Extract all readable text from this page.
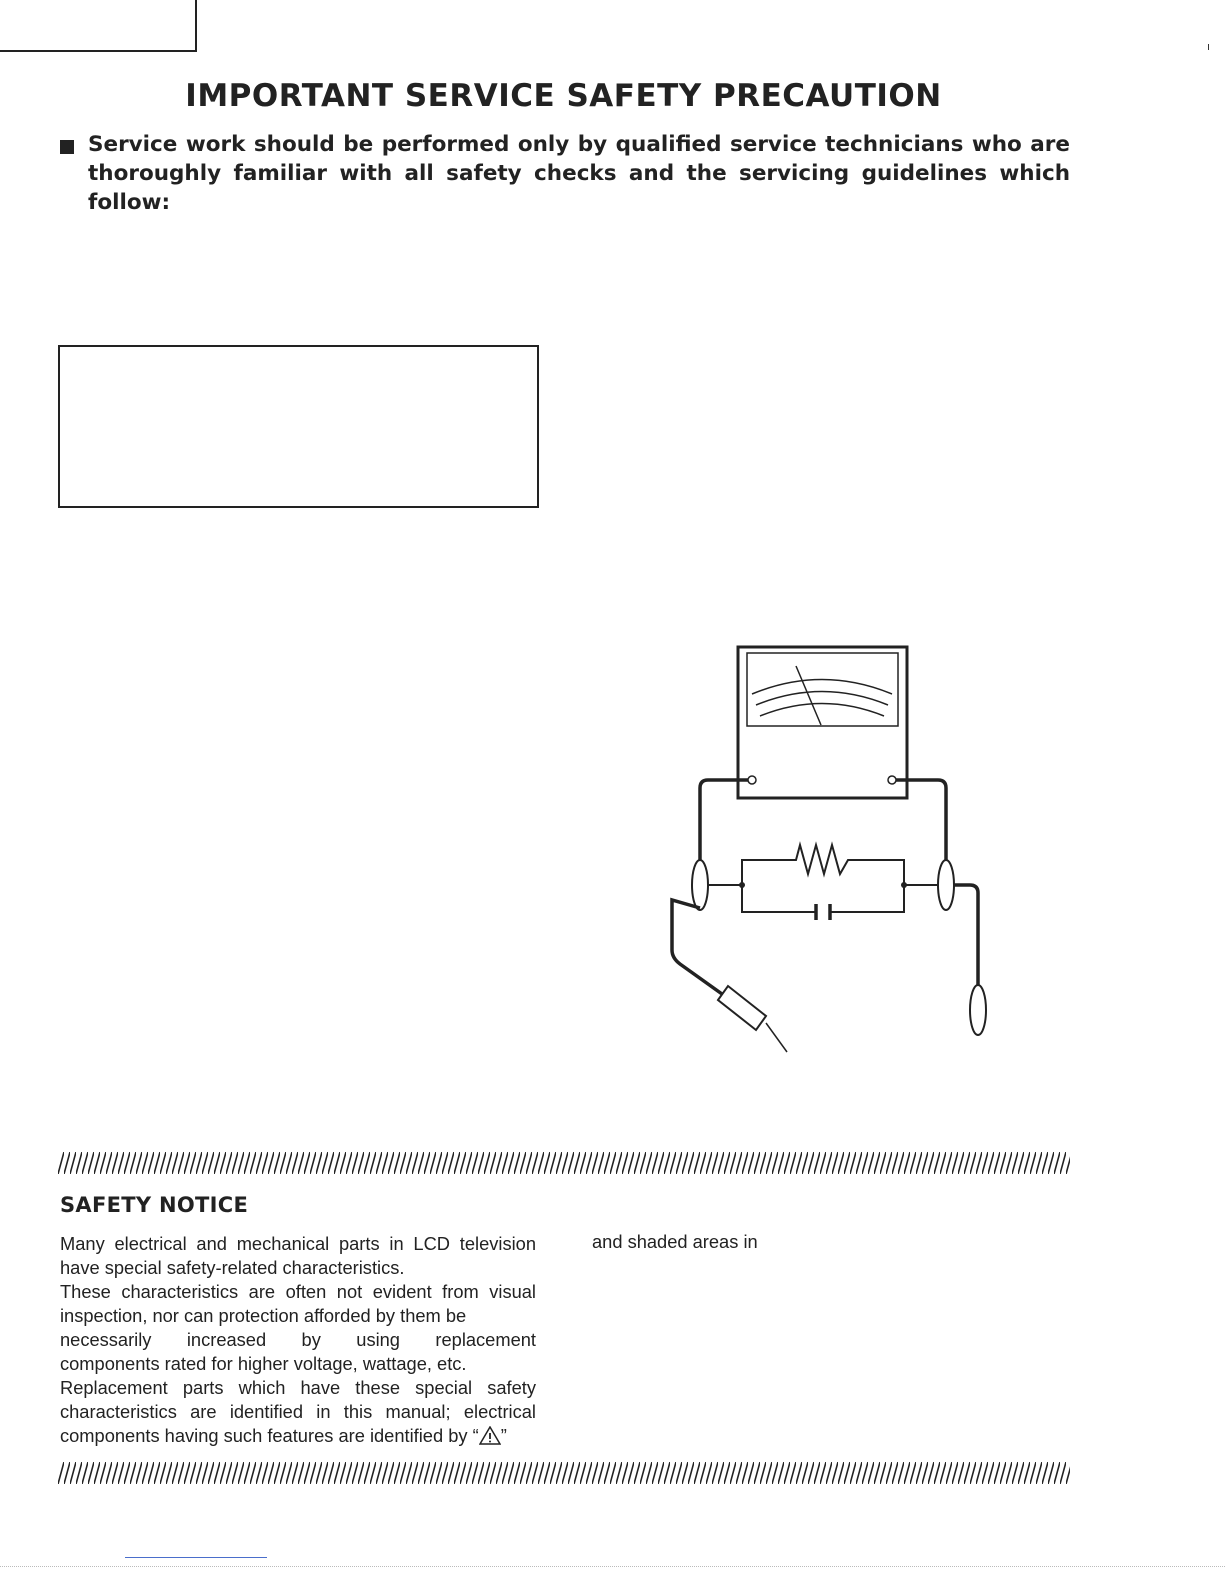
IMPORTANT SERVICE SAFETY PRECAUTION
Service work should be performed only by qualified service technicians who are thoroughly familiar with all safety checks and the servicing guidelines which follow:
SAFETY NOTICE

Many electrical and mechanical parts in LCD television have special safety-related characteristics.

These characteristics are often not evident from visual inspection, nor can protection afforded by them be

necessarily increased by using replacement

components rated for higher voltage, wattage, etc.

Replacement parts which have these special safety characteristics are identified in this manual; electrical components having such features are identified by “ ”

and shaded areas in
